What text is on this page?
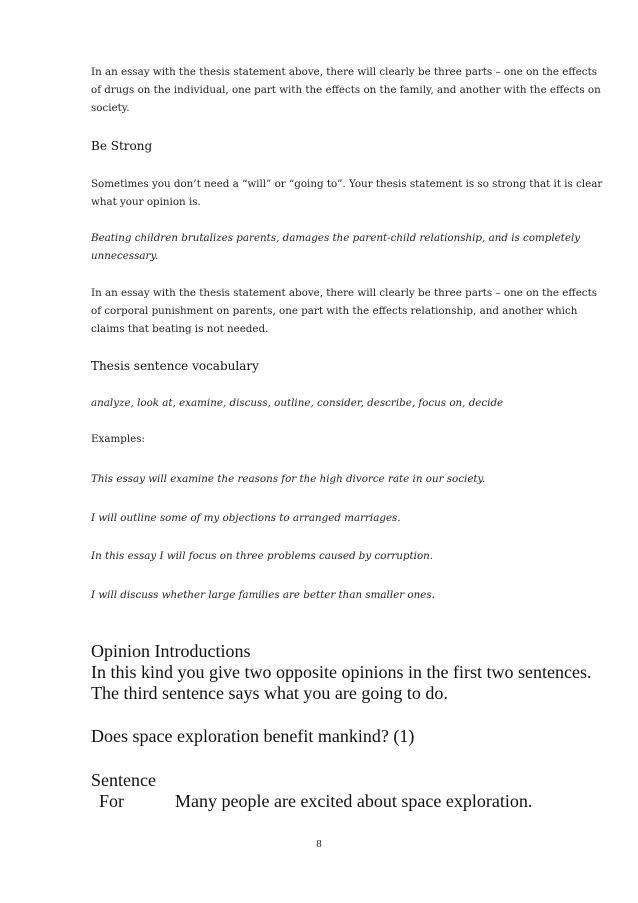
In an essay with the thesis statement above, there will clearly be three parts – one on the effects of drugs on the individual, one part with the effects on the family, and another with the effects on society.
Be Strong
Sometimes you don’t need a “will” or “going to”. Your thesis statement is so strong that it is clear what your opinion is.
Beating children brutalizes parents, damages the parent-child relationship, and is completely unnecessary.
In an essay with the thesis statement above, there will clearly be three parts – one on the effects of corporal punishment on parents, one part with the effects relationship, and another which claims that beating is not needed.
Thesis sentence vocabulary
analyze, look at, examine, discuss, outline, consider, describe, focus on, decide
Examples:
This essay will examine the reasons for the high divorce rate in our society.
I will outline some of my objections to arranged marriages.
In this essay I will focus on three problems caused by corruption.
I will discuss whether large families are better than smaller ones.
Opinion Introductions
In this kind you give two opposite opinions in the first two sentences. The third sentence says what you are going to do.
Does space exploration benefit mankind? (1)
Sentence
For	Many people are excited about space exploration.
8
